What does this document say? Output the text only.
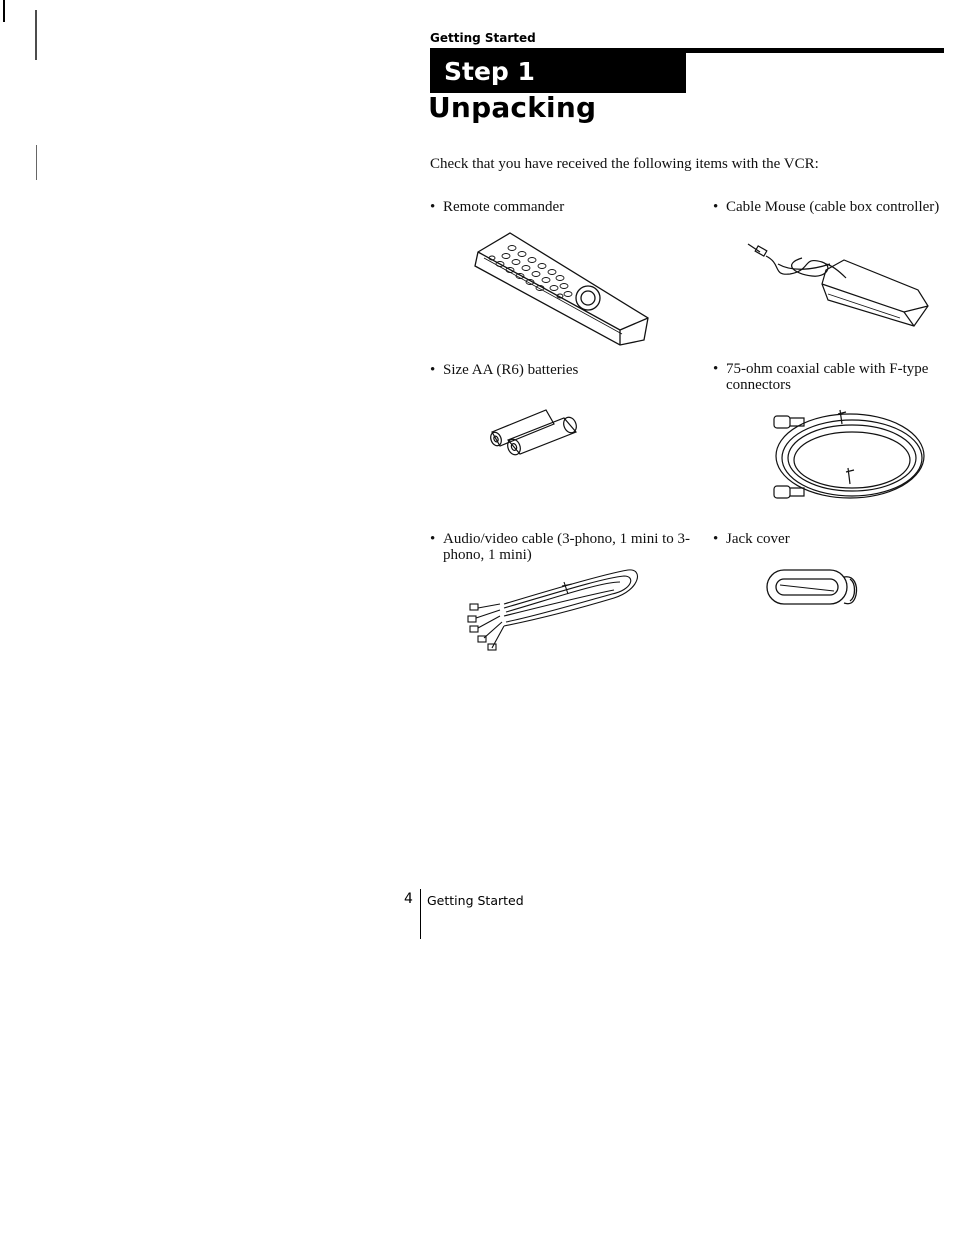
Getting Started
Step 1
Unpacking
Check that you have received the following items with the VCR:
• Remote commander	• Cable Mouse (cable box controller)
• Size AA (R6) batteries	• 75-ohm coaxial cable with F-type connectors
• Audio/video cable (3-phono, 1 mini to 3-phono, 1 mini)
• Jack cover
4 Getting Started
